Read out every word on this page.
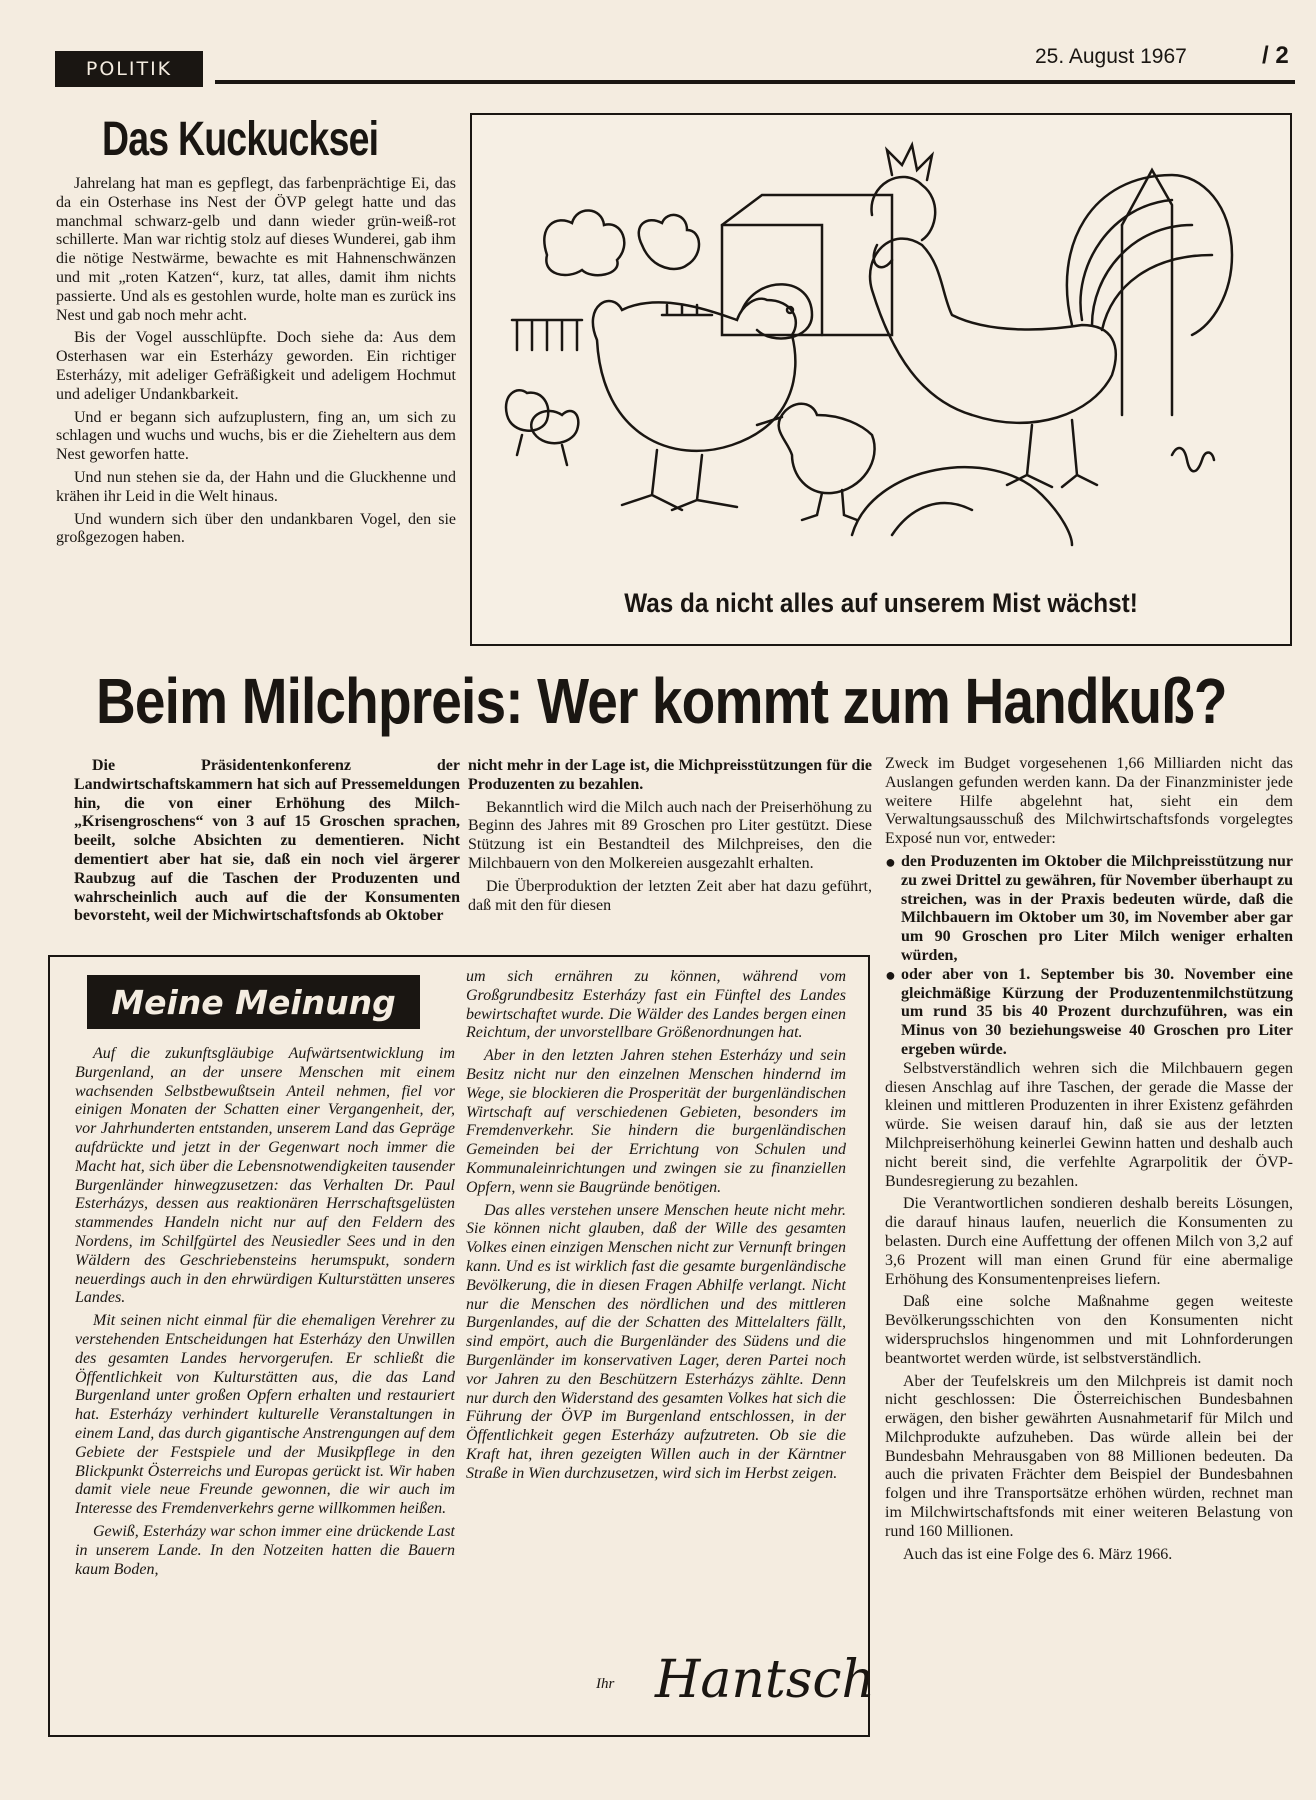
POLITIK
25. August 1967	/ 2
Das Kuckucksei

Jahrelang hat man es gepflegt, das farbenprächtige Ei, das da ein Osterhase ins Nest der ÖVP gelegt hatte und das manchmal schwarz-gelb und dann wieder grün-weiß-rot schillerte. Man war richtig stolz auf dieses Wunderei, gab ihm die nötige Nestwärme, bewachte es mit Hahnenschwänzen und mit „roten Katzen“, kurz, tat alles, damit ihm nichts passierte. Und als es gestohlen wurde, holte man es zurück ins Nest und gab noch mehr acht.

Bis der Vogel ausschlüpfte. Doch siehe da: Aus dem Osterhasen war ein Esterházy geworden. Ein richtiger Esterházy, mit adeliger Gefräßigkeit und adeligem Hochmut und adeliger Undankbarkeit.

Und er begann sich aufzuplustern, fing an, um sich zu schlagen und wuchs und wuchs, bis er die Zieheltern aus dem Nest geworfen hatte.

Und nun stehen sie da, der Hahn und die Gluckhenne und krähen ihr Leid in die Welt hinaus.

Und wundern sich über den undankbaren Vogel, den sie großgezogen haben.

Was da nicht alles auf unserem Mist wächst!
Beim Milchpreis: Wer kommt zum Handkuß?

Die Präsidentenkonferenz der Landwirtschaftskammern hat sich auf Pressemeldungen hin, die von einer Erhöhung des Milch-„Krisengroschens“ von 3 auf 15 Groschen sprachen, beeilt, solche Absichten zu dementieren. Nicht dementiert aber hat sie, daß ein noch viel ärgerer Raubzug auf die Taschen der Produzenten und wahrscheinlich auch auf die der Konsumenten bevorsteht, weil der Michwirtschaftsfonds ab Oktober

nicht mehr in der Lage ist, die Michpreisstützungen für die Produzenten zu bezahlen.

Bekanntlich wird die Milch auch nach der Preiserhöhung zu Beginn des Jahres mit 89 Groschen pro Liter gestützt. Diese Stützung ist ein Bestandteil des Milchpreises, den die Milchbauern von den Molkereien ausgezahlt erhalten.

Die Überproduktion der letzten Zeit aber hat dazu geführt, daß mit den für diesen

Zweck im Budget vorgesehenen 1,66 Milliarden nicht das Auslangen gefunden werden kann. Da der Finanzminister jede weitere Hilfe abgelehnt hat, sieht ein dem Verwaltungsausschuß des Milchwirtschaftsfonds vorgelegtes Exposé nun vor, entweder:

● den Produzenten im Oktober die Milchpreisstützung nur zu zwei Drittel zu gewähren, für November überhaupt zu streichen, was in der Praxis bedeuten würde, daß die Milchbauern im Oktober um 30, im November aber gar um 90 Groschen pro Liter Milch weniger erhalten würden,
● oder aber von 1. September bis 30. November eine gleichmäßige Kürzung der Produzentenmilchstützung um rund 35 bis 40 Prozent durchzuführen, was ein Minus von 30 beziehungsweise 40 Groschen pro Liter ergeben würde.

Selbstverständlich wehren sich die Milchbauern gegen diesen Anschlag auf ihre Taschen, der gerade die Masse der kleinen und mittleren Produzenten in ihrer Existenz gefährden würde. Sie weisen darauf hin, daß sie aus der letzten Milchpreiserhöhung keinerlei Gewinn hatten und deshalb auch nicht bereit sind, die verfehlte Agrarpolitik der ÖVP-Bundesregierung zu bezahlen.

Die Verantwortlichen sondieren deshalb bereits Lösungen, die darauf hinaus laufen, neuerlich die Konsumenten zu belasten. Durch eine Auffettung der offenen Milch von 3,2 auf 3,6 Prozent will man einen Grund für eine abermalige Erhöhung des Konsumentenpreises liefern.

Daß eine solche Maßnahme gegen weiteste Bevölkerungsschichten von den Konsumenten nicht widerspruchslos hingenommen und mit Lohnforderungen beantwortet werden würde, ist selbstverständlich.

Aber der Teufelskreis um den Milchpreis ist damit noch nicht geschlossen: Die Österreichischen Bundesbahnen erwägen, den bisher gewährten Ausnahmetarif für Milch und Milchprodukte aufzuheben. Das würde allein bei der Bundesbahn Mehrausgaben von 88 Millionen bedeuten. Da auch die privaten Frächter dem Beispiel der Bundesbahnen folgen und ihre Transportsätze erhöhen würden, rechnet man im Milchwirtschaftsfonds mit einer weiteren Belastung von rund 160 Millionen.

Auch das ist eine Folge des 6. März 1966.

Meine Meinung

Auf die zukunftsgläubige Aufwärtsentwicklung im Burgenland, an der unsere Menschen mit einem wachsenden Selbstbewußtsein Anteil nehmen, fiel vor einigen Monaten der Schatten einer Vergangenheit, der, vor Jahrhunderten entstanden, unserem Land das Gepräge aufdrückte und jetzt in der Gegenwart noch immer die Macht hat, sich über die Lebensnotwendigkeiten tausender Burgenländer hinwegzusetzen: das Verhalten Dr. Paul Esterházys, dessen aus reaktionären Herrschaftsgelüsten stammendes Handeln nicht nur auf den Feldern des Nordens, im Schilfgürtel des Neusiedler Sees und in den Wäldern des Geschriebensteins herumspukt, sondern neuerdings auch in den ehrwürdigen Kulturstätten unseres Landes.

Mit seinen nicht einmal für die ehemaligen Verehrer zu verstehenden Entscheidungen hat Esterházy den Unwillen des gesamten Landes hervorgerufen. Er schließt die Öffentlichkeit von Kulturstätten aus, die das Land Burgenland unter großen Opfern erhalten und restauriert hat. Esterházy verhindert kulturelle Veranstaltungen in einem Land, das durch gigantische Anstrengungen auf dem Gebiete der Festspiele und der Musikpflege in den Blickpunkt Österreichs und Europas gerückt ist. Wir haben damit viele neue Freunde gewonnen, die wir auch im Interesse des Fremdenverkehrs gerne willkommen heißen.

Gewiß, Esterházy war schon immer eine drückende Last in unserem Lande. In den Notzeiten hatten die Bauern kaum Boden,

um sich ernähren zu können, während vom Großgrundbesitz Esterházy fast ein Fünftel des Landes bewirtschaftet wurde. Die Wälder des Landes bergen einen Reichtum, der unvorstellbare Größenordnungen hat.

Aber in den letzten Jahren stehen Esterházy und sein Besitz nicht nur den einzelnen Menschen hindernd im Wege, sie blockieren die Prosperität der burgenländischen Wirtschaft auf verschiedenen Gebieten, besonders im Fremdenverkehr. Sie hindern die burgenländischen Gemeinden bei der Errichtung von Schulen und Kommunaleinrichtungen und zwingen sie zu finanziellen Opfern, wenn sie Baugründe benötigen.

Das alles verstehen unsere Menschen heute nicht mehr. Sie können nicht glauben, daß der Wille des gesamten Volkes einen einzigen Menschen nicht zur Vernunft bringen kann. Und es ist wirklich fast die gesamte burgenländische Bevölkerung, die in diesen Fragen Abhilfe verlangt. Nicht nur die Menschen des nördlichen und des mittleren Burgenlandes, auf die der Schatten des Mittelalters fällt, sind empört, auch die Burgenländer des Südens und die Burgenländer im konservativen Lager, deren Partei noch vor Jahren zu den Beschützern Esterházys zählte. Denn nur durch den Widerstand des gesamten Volkes hat sich die Führung der ÖVP im Burgenland entschlossen, in der Öffentlichkeit gegen Esterházy aufzutreten. Ob sie die Kraft hat, ihren gezeigten Willen auch in der Kärntner Straße in Wien durchzusetzen, wird sich im Herbst zeigen.

Ihr Hantsch
